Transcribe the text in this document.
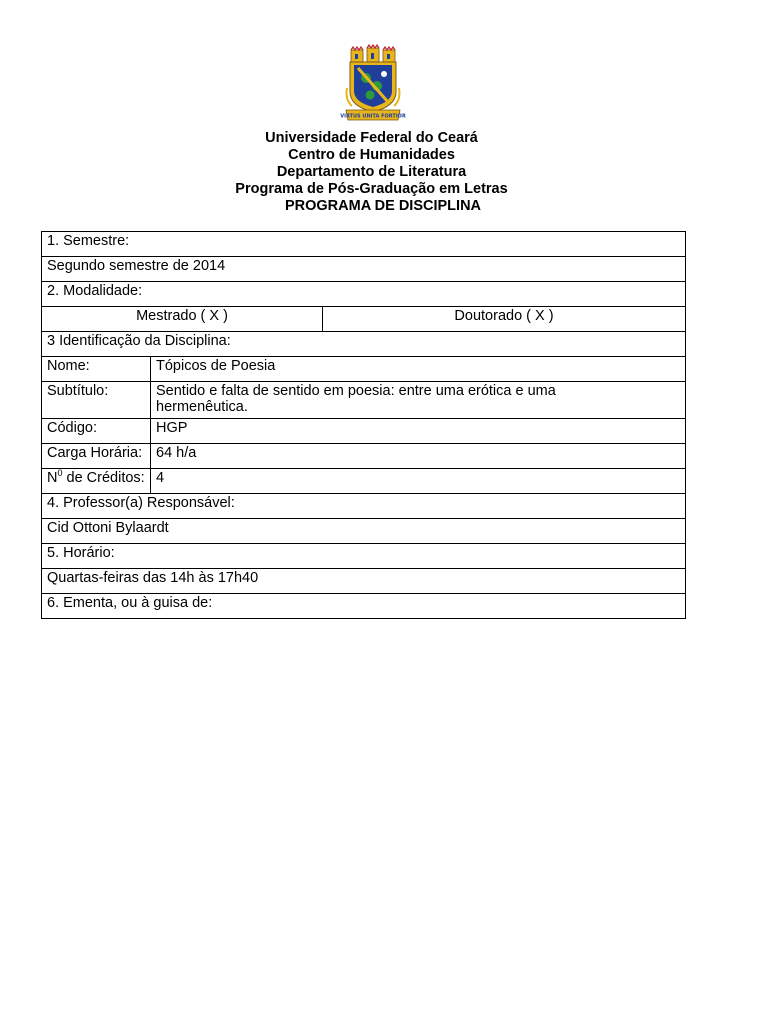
VIRTUS UNITA FORTIOR
Universidade Federal do Ceará
Centro de Humanidades
Departamento de Literatura
Programa de Pós-Graduação em Letras
PROGRAMA DE DISCIPLINA
1. Semestre:		
Segundo semestre de 2014		
2. Modalidade:		
Mestrado ( X )		Doutorado ( X )
3 Identificação da Disciplina:		
Nome:	Tópicos de Poesia	
Subtítulo:	Sentido e falta de sentido em poesia: entre uma erótica e uma hermenêutica.	
Código:	HGP	
Carga Horária:	64 h/a	
$N^0$ de Créditos:	4	
4. Professor(a) Responsável:		
Cid Ottoni Bylaardt		
5. Horário:		
Quartas-feiras das 14h às 17h40		
6. Ementa, ou à guisa de:		
